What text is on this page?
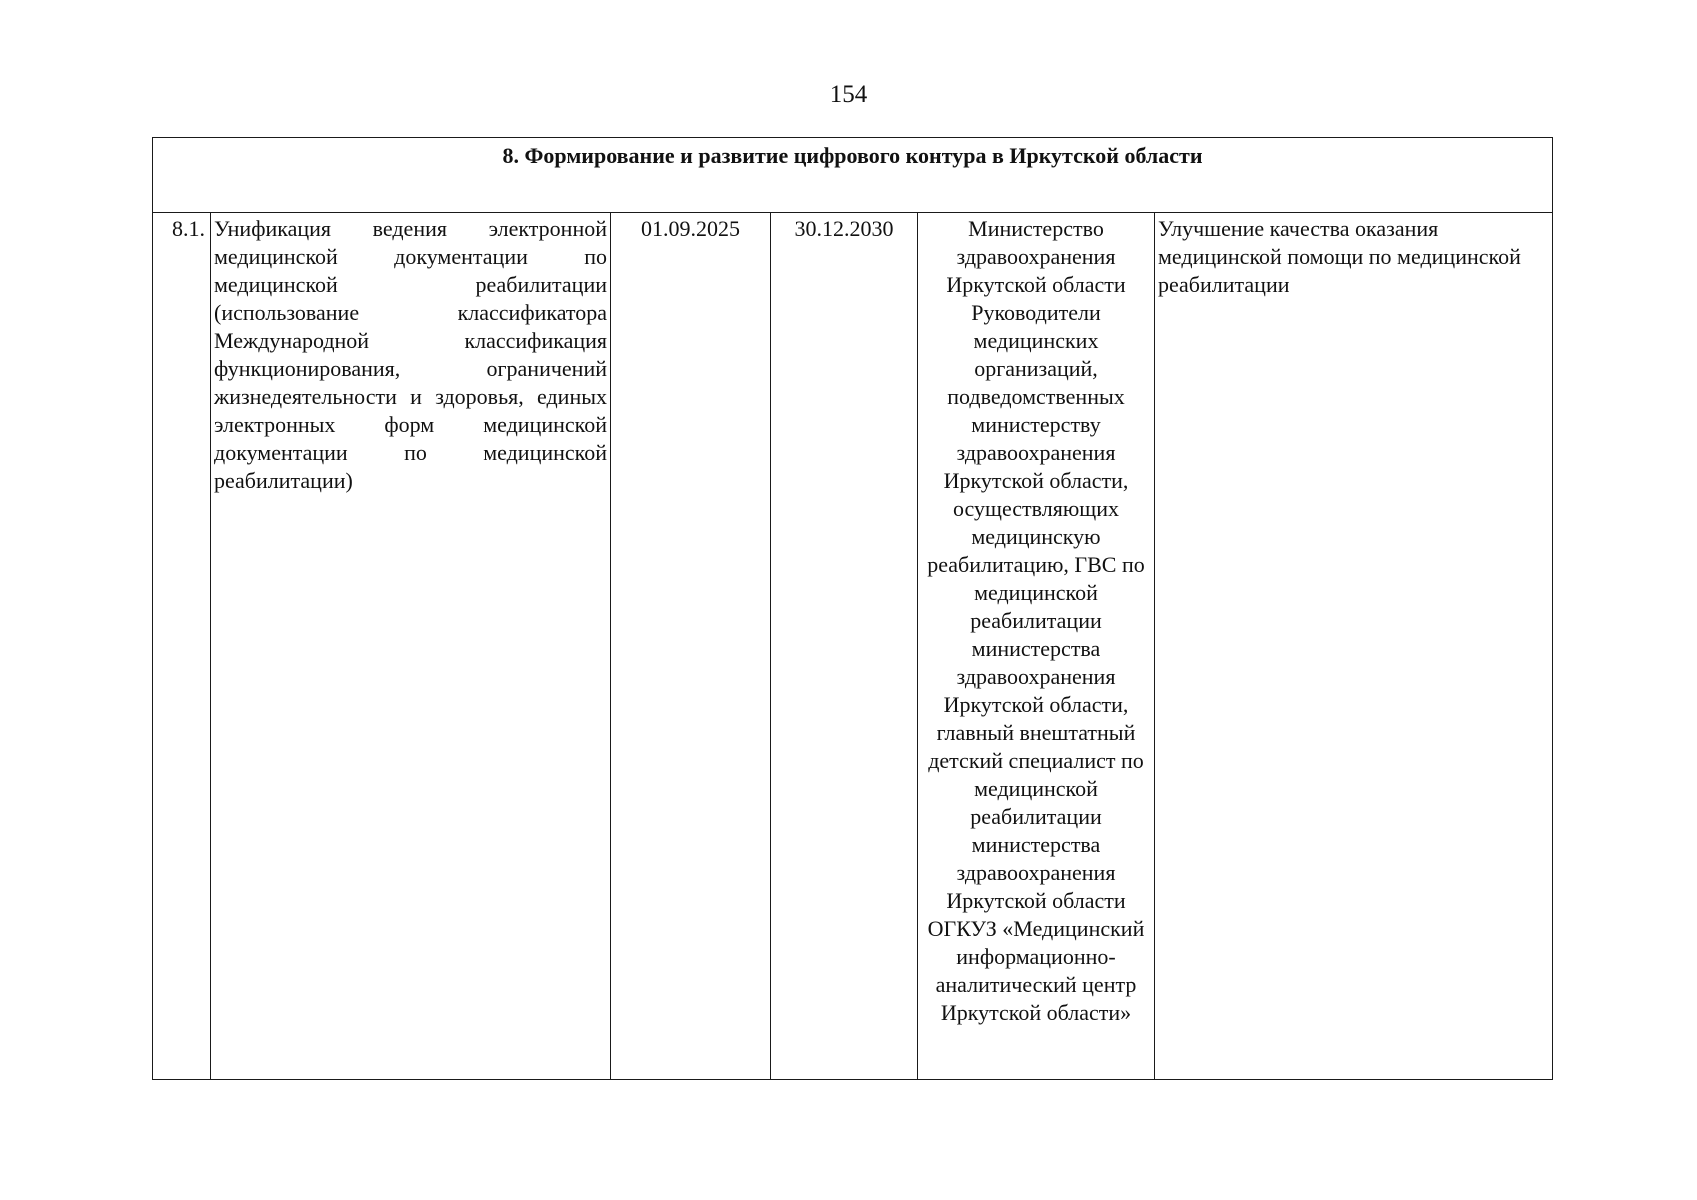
154
8. Формирование и развитие цифрового контура в Иркутской области
8.1.	Унификация ведения электронной медицинской документации по медицинской реабилитации (использование классификатора Международной классификация функционирования, ограничений жизнедеятельности и здоровья, единых электронных форм медицинской документации по медицинской реабилитации)	01.09.2025	30.12.2030	Министерство здравоохранения Иркутской области Руководители медицинских организаций, подведомственных министерству здравоохранения Иркутской области, осуществляющих медицинскую реабилитацию, ГВС по медицинской реабилитации министерства здравоохранения Иркутской области, главный внештатный детский специалист по медицинской реабилитации министерства здравоохранения Иркутской области ОГКУЗ «Медицинский информационно-аналитический центр Иркутской области»	Улучшение качества оказания медицинской помощи по медицинской реабилитации
